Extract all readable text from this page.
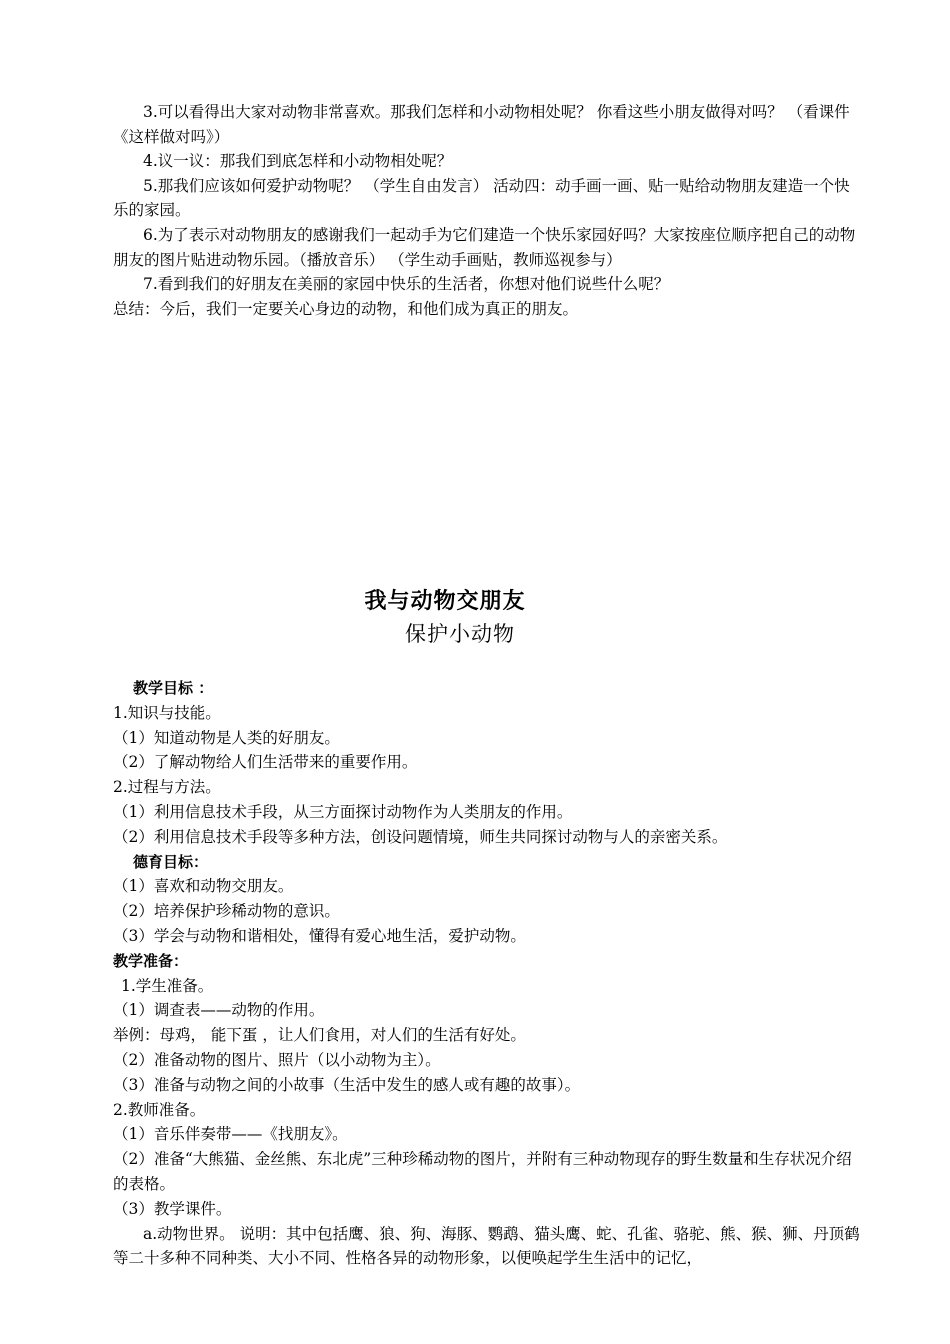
3.可以看得出大家对动物非常喜欢。那我们怎样和小动物相处呢？ 你看这些小朋友做得对吗？ （看课件《这样做对吗》）

4.议一议：那我们到底怎样和小动物相处呢？

5.那我们应该如何爱护动物呢？ （学生自由发言） 活动四：动手画一画、贴一贴给动物朋友建造一个快乐的家园。

6.为了表示对动物朋友的感谢我们一起动手为它们建造一个快乐家园好吗？大家按座位顺序把自己的动物朋友的图片贴进动物乐园。（播放音乐） （学生动手画贴，教师巡视参与）

7.看到我们的好朋友在美丽的家园中快乐的生活者，你想对他们说些什么呢？

总结：今后，我们一定要关心身边的动物，和他们成为真正的朋友。

我与动物交朋友
保护小动物

教学目标 ：

1.知识与技能。

（1）知道动物是人类的好朋友。

（2）了解动物给人们生活带来的重要作用。

2.过程与方法。

（1）利用信息技术手段，从三方面探讨动物作为人类朋友的作用。

（2）利用信息技术手段等多种方法，创设问题情境，师生共同探讨动物与人的亲密关系。

德育目标：

（1）喜欢和动物交朋友。

（2）培养保护珍稀动物的意识。

（3）学会与动物和谐相处，懂得有爱心地生活，爱护动物。

教学准备：

1.学生准备。

（1）调查表——动物的作用。

举例：母鸡， 能下蛋 ，让人们食用，对人们的生活有好处。

（2）准备动物的图片、照片（以小动物为主）。

（3）准备与动物之间的小故事（生活中发生的感人或有趣的故事）。

2.教师准备。

（1）音乐伴奏带——《找朋友》。

（2）准备“大熊猫、金丝熊、东北虎”三种珍稀动物的图片，并附有三种动物现存的野生数量和生存状况介绍的表格。

（3）教学课件。

a.动物世界。 说明：其中包括鹰、狼、狗、海豚、鹦鹉、猫头鹰、蛇、孔雀、骆驼、熊、猴、狮、丹顶鹤等二十多种不同种类、大小不同、性格各异的动物形象，以便唤起学生生活中的记忆，
